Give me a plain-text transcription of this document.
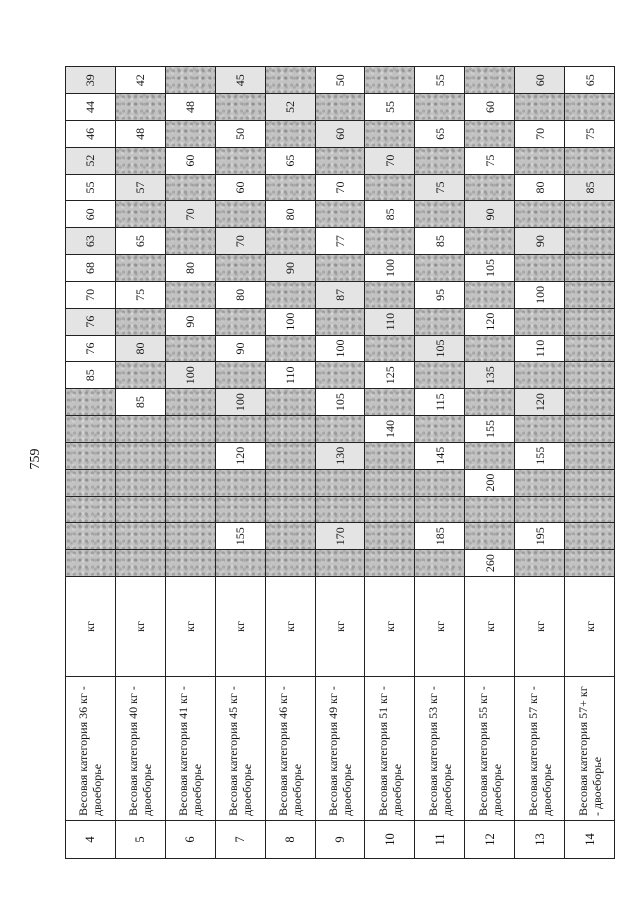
759
4	Весовая категория 36 кг - двоеборье	кг								85	76	76	70	68	63	60	55	52	46	44	39
5	Весовая категория 40 кг - двоеборье	кг							85		80		75		65		57		48		42
6	Весовая категория 41 кг - двоеборье	кг								100		90		80		70		60		48	
7	Весовая категория 45 кг - двоеборье	кг		155			120		100		90		80		70		60		50		45
8	Весовая категория 46 кг - двоеборье	кг								110		100		90		80		65		52	
9	Весовая категория 49 кг - двоеборье	кг		170			130		105		100		87		77		70		60		50
10	Весовая категория 51 кг - двоеборье	кг						140		125		110		100		85		70		55	
11	Весовая категория 53 кг - двоеборье	кг		185			145		115		105		95		85		75		65		55
12	Весовая категория 55 кг - двоеборье	кг	260			200		155		135		120		105		90		75		60	
13	Весовая категория 57 кг - двоеборье	кг		195			155		120		110		100		90		80		70		60
14	Весовая категория 57+ кг - двоеборье	кг															85		75		65
